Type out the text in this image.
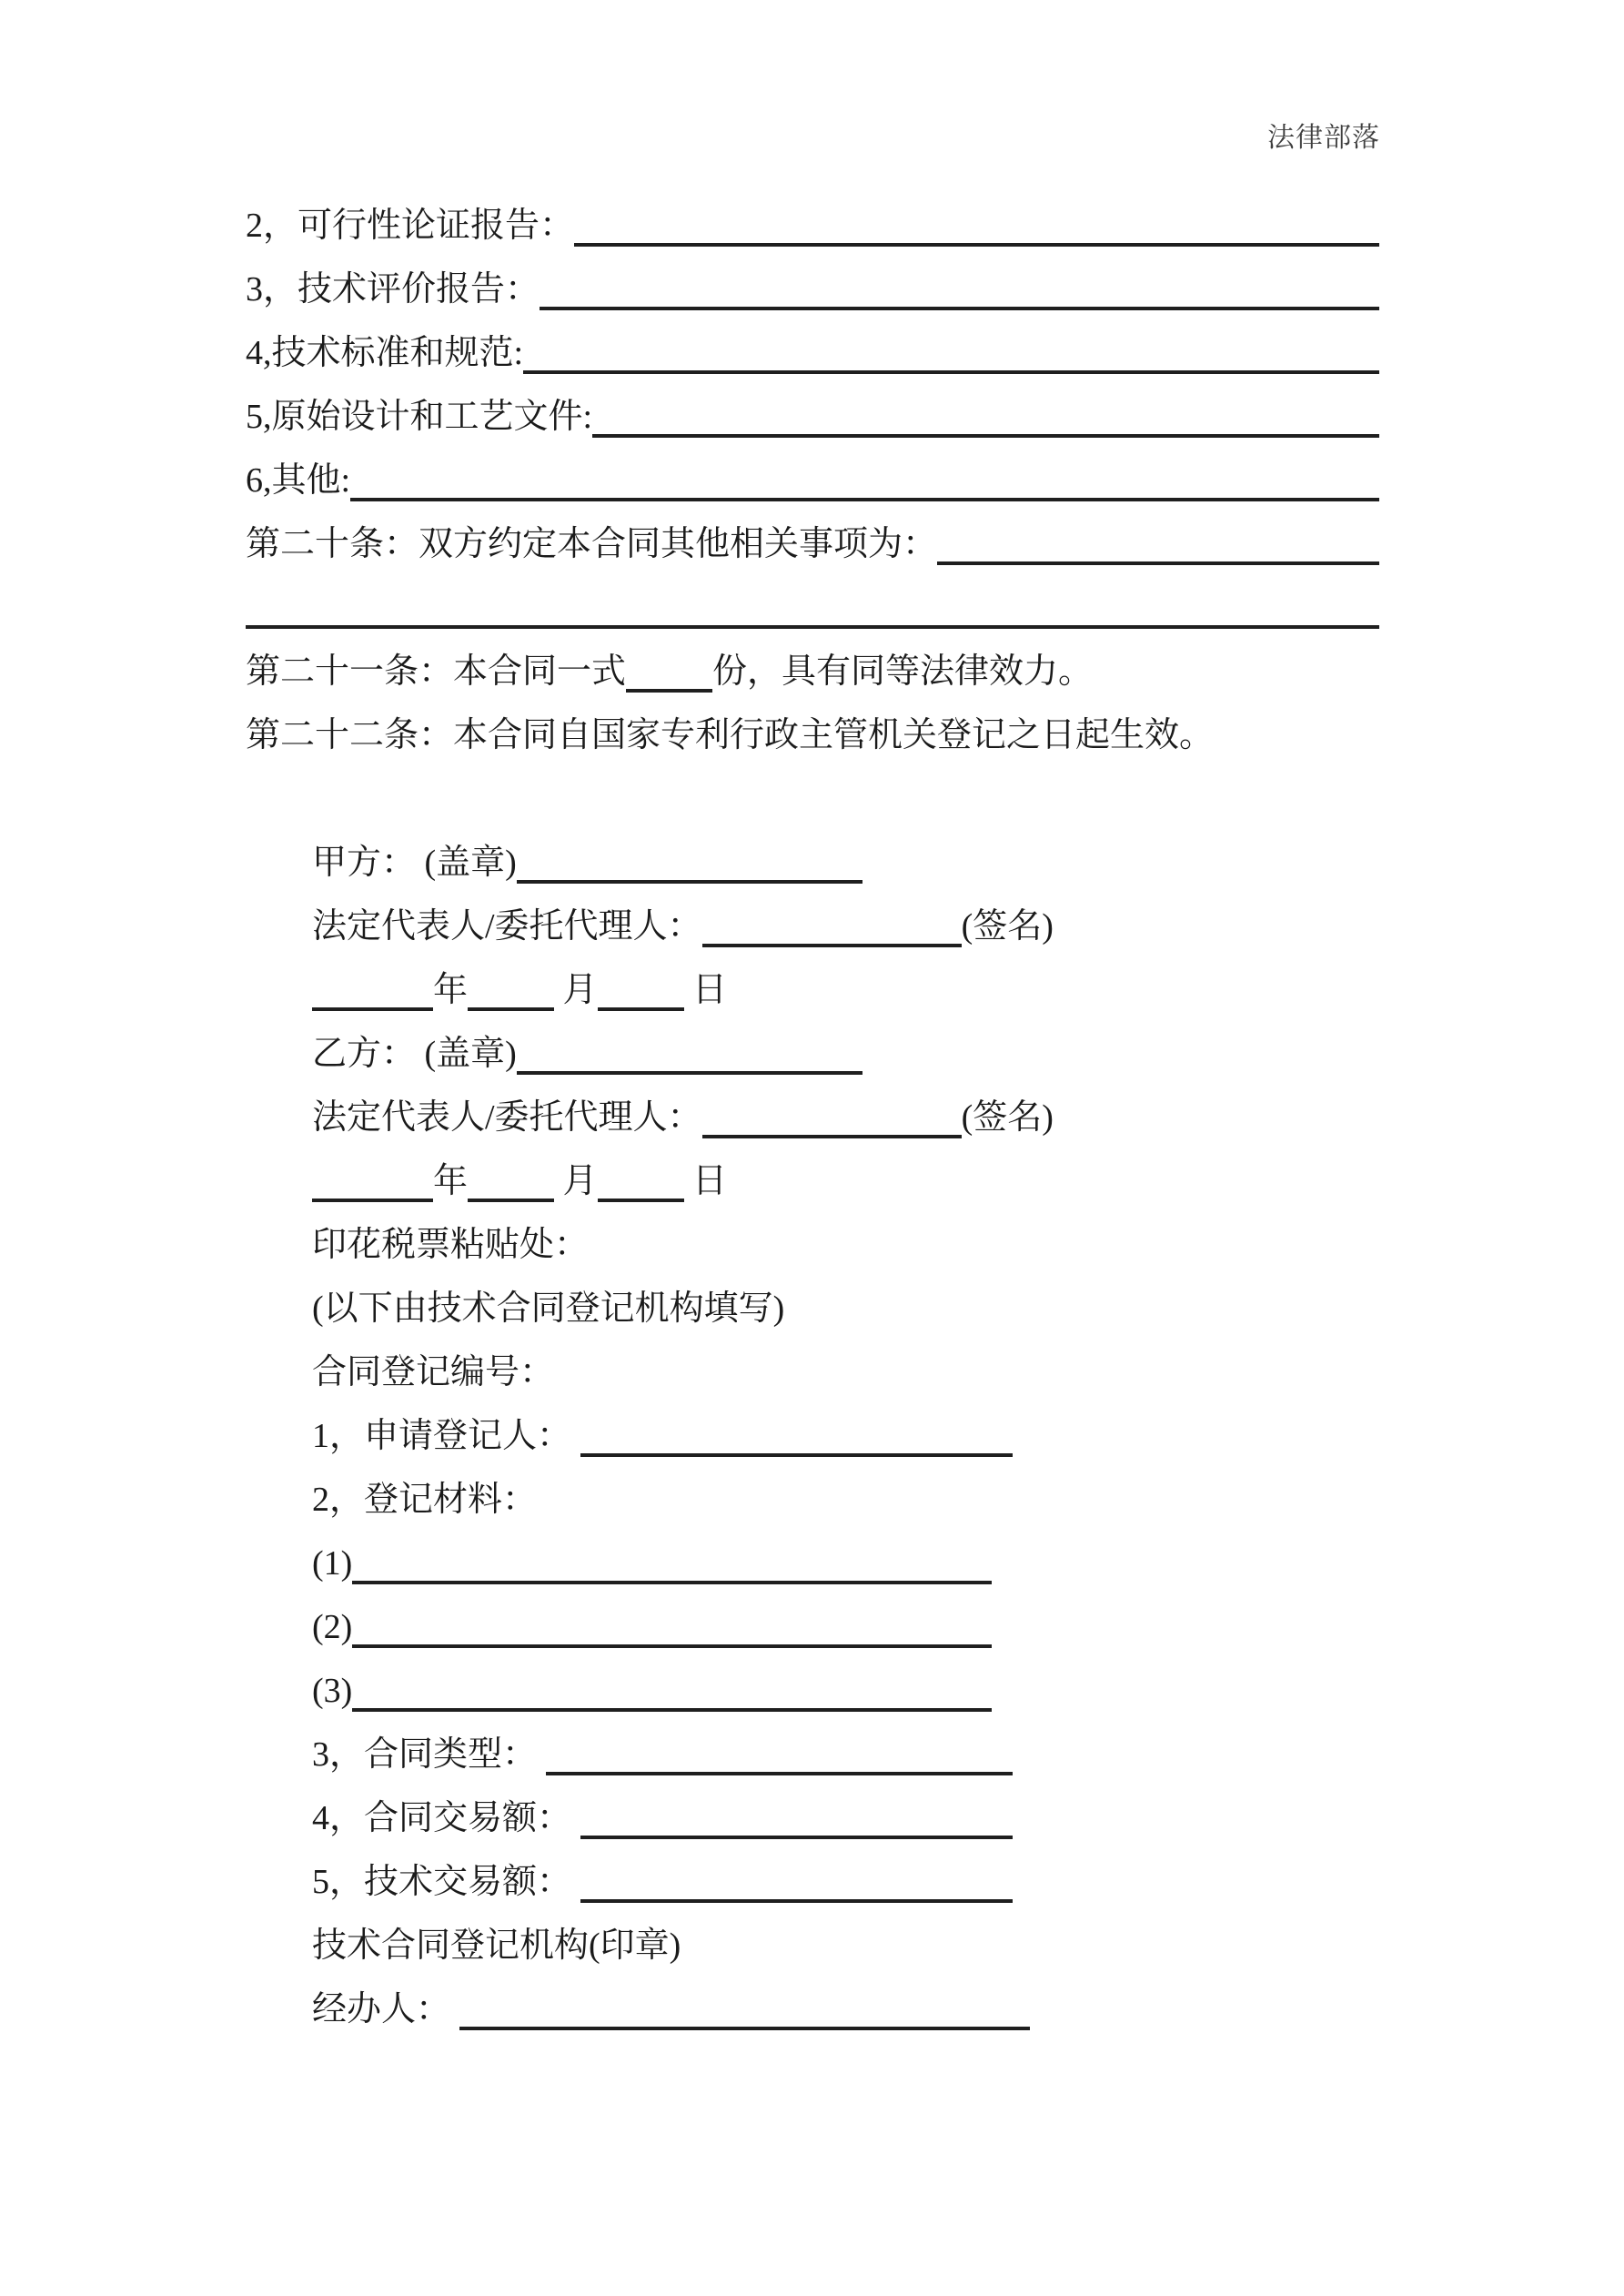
法律部落
2，可行性论证报告：
3，技术评价报告：
4,技术标准和规范:
5,原始设计和工艺文件:
6,其他:
第二十条：双方约定本合同其他相关事项为：
第二十一条：本合同一式	份，具有同等法律效力。
第二十二条：本合同自国家专利行政主管机关登记之日起生效。
甲方： (盖章)
法定代表人/委托代理人：	(签名)
年	月	日
乙方： (盖章)
法定代表人/委托代理人：	(签名)
年	月	日
印花税票粘贴处：
(以下由技术合同登记机构填写)
合同登记编号：
1，申请登记人：
2，登记材料：
(1)
(2)
(3)
3，合同类型：
4，合同交易额：
5，技术交易额：
技术合同登记机构(印章)
经办人：
